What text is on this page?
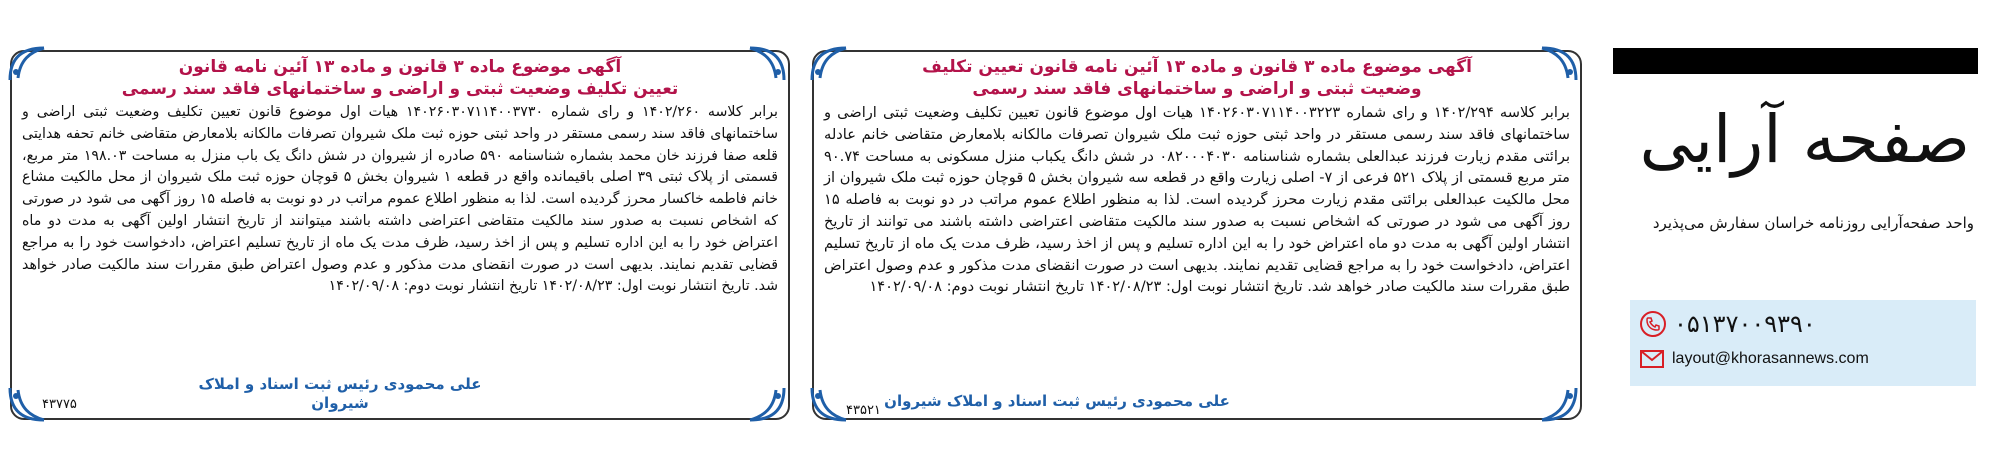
آگهی موضوع ماده ۳ قانون و ماده ۱۳ آئین نامه قانون
تعیین تکلیف وضعیت ثبتی و اراضی و ساختمانهای فاقد سند رسمی
برابر کلاسه ۱۴۰۲/۲۶۰ و رای شماره ۱۴۰۲۶۰۳۰۷۱۱۴۰۰۳۷۳۰ هیات اول موضوع قانون تعیین تکلیف وضعیت ثبتی اراضی و ساختمانهای فاقد سند رسمی مستقر در واحد ثبتی حوزه ثبت ملک شیروان تصرفات مالکانه بلامعارض متقاضی خانم تحفه هدایتی قلعه صفا فرزند خان محمد بشماره شناسنامه ۵۹۰ صادره از شیروان در شش دانگ یک باب منزل به مساحت ۱۹۸.۰۳ متر مربع، قسمتی از پلاک ثبتی ۳۹ اصلی باقیمانده واقع در قطعه ۱ شیروان بخش ۵ قوچان حوزه ثبت ملک شیروان از محل مالکیت مشاع خانم فاطمه خاکسار محرز گردیده است. لذا به منظور اطلاع عموم مراتب در دو نوبت به فاصله ۱۵ روز آگهی می شود در صورتی که اشخاص نسبت به صدور سند مالکیت متقاضی اعتراضی داشته باشند میتوانند از تاریخ انتشار اولین آگهی به مدت دو ماه اعتراض خود را به این اداره تسلیم و پس از اخذ رسید، ظرف مدت یک ماه از تاریخ تسلیم اعتراض، دادخواست خود را به مراجع قضایی تقدیم نمایند. بدیهی است در صورت انقضای مدت مذکور و عدم وصول اعتراض طبق مقررات سند مالکیت صادر خواهد شد. تاریخ انتشار نوبت اول: ۱۴۰۲/۰۸/۲۳ تاریخ انتشار نوبت دوم: ۱۴۰۲/۰۹/۰۸
علی محمودی رئیس ثبت اسناد و املاک شیروان
۴۳۷۷۵
آگهی موضوع ماده ۳ قانون و ماده ۱۳ آئین نامه قانون تعیین تکلیف
وضعیت ثبتی و اراضی و ساختمانهای فاقد سند رسمی
برابر کلاسه ۱۴۰۲/۲۹۴ و رای شماره ۱۴۰۲۶۰۳۰۷۱۱۴۰۰۳۲۲۳ هیات اول موضوع قانون تعیین تکلیف وضعیت ثبتی اراضی و ساختمانهای فاقد سند رسمی مستقر در واحد ثبتی حوزه ثبت ملک شیروان تصرفات مالکانه بلامعارض متقاضی خانم عادله برائتی مقدم زیارت فرزند عبدالعلی بشماره شناسنامه ۰۸۲۰۰۰۴۰۳۰ در شش دانگ یکباب منزل مسکونی به مساحت ۹۰.۷۴ متر مربع قسمتی از پلاک ۵۲۱ فرعی از ۷- اصلی زیارت واقع در قطعه سه شیروان بخش ۵ قوچان حوزه ثبت ملک شیروان از محل مالکیت عبدالعلی برائتی مقدم زیارت محرز گردیده است. لذا به منظور اطلاع عموم مراتب در دو نوبت به فاصله ۱۵ روز آگهی می شود در صورتی که اشخاص نسبت به صدور سند مالکیت متقاضی اعتراضی داشته باشند می توانند از تاریخ انتشار اولین آگهی به مدت دو ماه اعتراض خود را به این اداره تسلیم و پس از اخذ رسید، ظرف مدت یک ماه از تاریخ تسلیم اعتراض، دادخواست خود را به مراجع قضایی تقدیم نمایند. بدیهی است در صورت انقضای مدت مذکور و عدم وصول اعتراض طبق مقررات سند مالکیت صادر خواهد شد. تاریخ انتشار نوبت اول: ۱۴۰۲/۰۸/۲۳ تاریخ انتشار نوبت دوم: ۱۴۰۲/۰۹/۰۸
علی محمودی رئیس ثبت اسناد و املاک شیروان
۴۳۵۲۱
صفحه آرایی
واحد صفحه‌آرایی روزنامه خراسان سفارش می‌پذیرد
۰۵۱۳۷۰۰۹۳۹۰
layout@khorasannews.com
